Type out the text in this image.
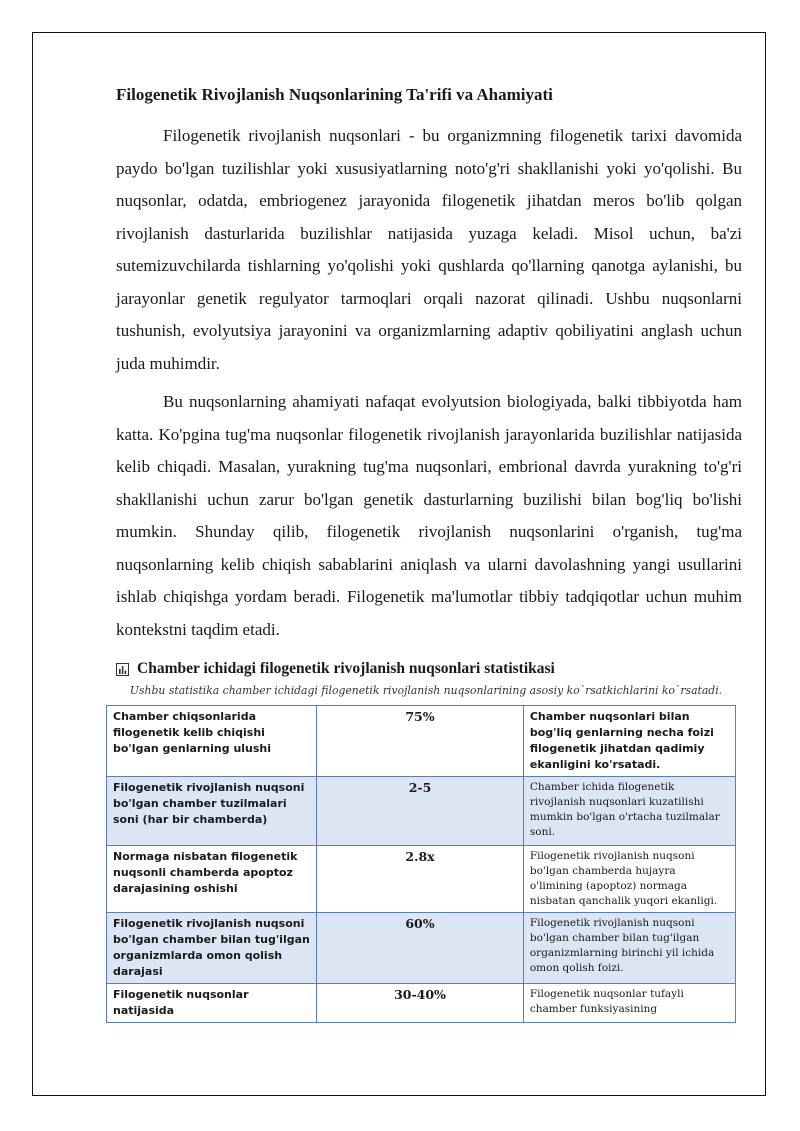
Filogenetik Rivojlanish Nuqsonlarining Ta'rifi va Ahamiyati

Filogenetik rivojlanish nuqsonlari - bu organizmning filogenetik tarixi davomida paydo bo'lgan tuzilishlar yoki xususiyatlarning noto'g'ri shakllanishi yoki yo'qolishi. Bu nuqsonlar, odatda, embriogenez jarayonida filogenetik jihatdan meros bo'lib qolgan rivojlanish dasturlarida buzilishlar natijasida yuzaga keladi. Misol uchun, ba'zi sutemizuvchilarda tishlarning yo'qolishi yoki qushlarda qo'llarning qanotga aylanishi, bu jarayonlar genetik regulyator tarmoqlari orqali nazorat qilinadi. Ushbu nuqsonlarni tushunish, evolyutsiya jarayonini va organizmlarning adaptiv qobiliyatini anglash uchun juda muhimdir.

Bu nuqsonlarning ahamiyati nafaqat evolyutsion biologiyada, balki tibbiyotda ham katta. Ko'pgina tug'ma nuqsonlar filogenetik rivojlanish jarayonlarida buzilishlar natijasida kelib chiqadi. Masalan, yurakning tug'ma nuqsonlari, embrional davrda yurakning to'g'ri shakllanishi uchun zarur bo'lgan genetik dasturlarning buzilishi bilan bog'liq bo'lishi mumkin. Shunday qilib, filogenetik rivojlanish nuqsonlarini o'rganish, tug'ma nuqsonlarning kelib chiqish sabablarini aniqlash va ularni davolashning yangi usullarini ishlab chiqishga yordam beradi. Filogenetik ma'lumotlar tibbiy tadqiqotlar uchun muhim kontekstni taqdim etadi.

Chamber ichidagi filogenetik rivojlanish nuqsonlari statistikasi

Ushbu statistika chamber ichidagi filogenetik rivojlanish nuqsonlarining asosiy ko`rsatkichlarini ko`rsatadi.

Chamber chiqsonlarida filogenetik kelib chiqishi bo'lgan genlarning ulushi	75%	Chamber nuqsonlari bilan bog'liq genlarning necha foizi filogenetik jihatdan qadimiy ekanligini ko'rsatadi.
Filogenetik rivojlanish nuqsoni bo'lgan chamber tuzilmalari soni (har bir chamberda)	2-5	Chamber ichida filogenetik rivojlanish nuqsonlari kuzatilishi mumkin bo'lgan o'rtacha tuzilmalar soni.
Normaga nisbatan filogenetik nuqsonli chamberda apoptoz darajasining oshishi	2.8x	Filogenetik rivojlanish nuqsoni bo'lgan chamberda hujayra o'limining (apoptoz) normaga nisbatan qanchalik yuqori ekanligi.
Filogenetik rivojlanish nuqsoni bo'lgan chamber bilan tug'ilgan organizmlarda omon qolish darajasi	60%	Filogenetik rivojlanish nuqsoni bo'lgan chamber bilan tug'ilgan organizmlarning birinchi yil ichida omon qolish foizi.
Filogenetik nuqsonlar natijasida	30-40%	Filogenetik nuqsonlar tufayli chamber funksiyasining
